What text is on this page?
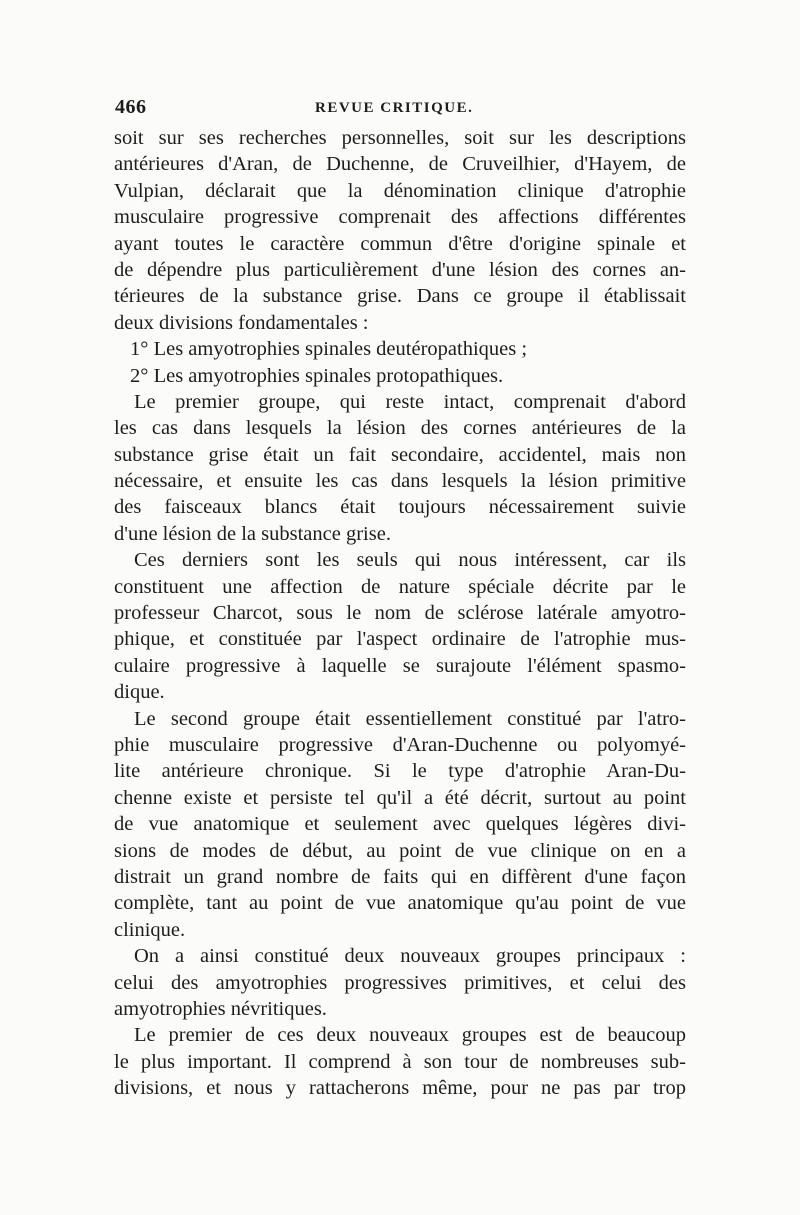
466	REVUE CRITIQUE.
soit sur ses recherches personnelles, soit sur les descriptions
antérieures d'Aran, de Duchenne, de Cruveilhier, d'Hayem, de
Vulpian, déclarait que la dénomination clinique d'atrophie
musculaire progressive comprenait des affections différentes
ayant toutes le caractère commun d'être d'origine spinale et
de dépendre plus particulièrement d'une lésion des cornes an-
térieures de la substance grise. Dans ce groupe il établissait
deux divisions fondamentales :
1° Les amyotrophies spinales deutéropathiques ;
2° Les amyotrophies spinales protopathiques.
Le premier groupe, qui reste intact, comprenait d'abord
les cas dans lesquels la lésion des cornes antérieures de la
substance grise était un fait secondaire, accidentel, mais non
nécessaire, et ensuite les cas dans lesquels la lésion primitive
des faisceaux blancs était toujours nécessairement suivie
d'une lésion de la substance grise.
Ces derniers sont les seuls qui nous intéressent, car ils
constituent une affection de nature spéciale décrite par le
professeur Charcot, sous le nom de sclérose latérale amyotro-
phique, et constituée par l'aspect ordinaire de l'atrophie mus-
culaire progressive à laquelle se surajoute l'élément spasmo-
dique.
Le second groupe était essentiellement constitué par l'atro-
phie musculaire progressive d'Aran-Duchenne ou polyomyé-
lite antérieure chronique. Si le type d'atrophie Aran-Du-
chenne existe et persiste tel qu'il a été décrit, surtout au point
de vue anatomique et seulement avec quelques légères divi-
sions de modes de début, au point de vue clinique on en a
distrait un grand nombre de faits qui en diffèrent d'une façon
complète, tant au point de vue anatomique qu'au point de vue
clinique.
On a ainsi constitué deux nouveaux groupes principaux :
celui des amyotrophies progressives primitives, et celui des
amyotrophies névritiques.
Le premier de ces deux nouveaux groupes est de beaucoup
le plus important. Il comprend à son tour de nombreuses sub-
divisions, et nous y rattacherons même, pour ne pas par trop
